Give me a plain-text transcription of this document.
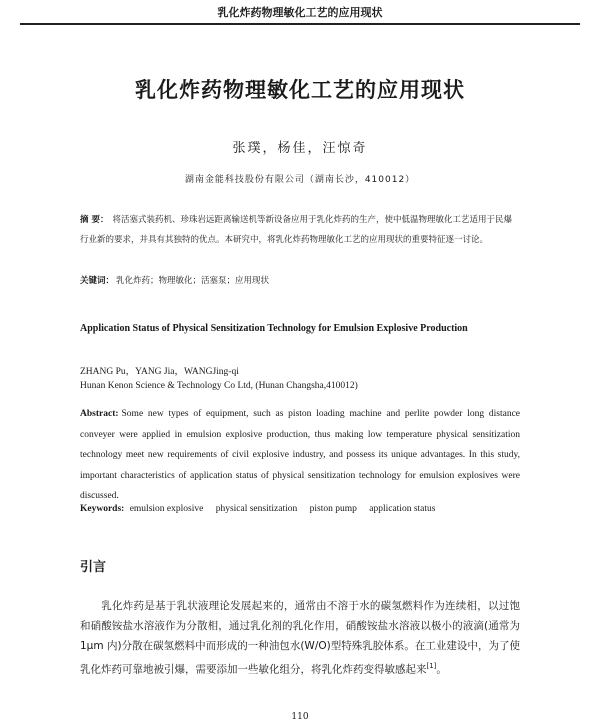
乳化炸药物理敏化工艺的应用现状
乳化炸药物理敏化工艺的应用现状
张璞，杨佳，汪惊奇
湖南金能科技股份有限公司（湖南长沙，410012）
摘 要： 将活塞式装药机、珍珠岩远距离输送机等新设备应用于乳化炸药的生产，使中低温物理敏化工艺适用于民爆行业新的要求，并具有其独特的优点。本研究中，将乳化炸药物理敏化工艺的应用现状的重要特征逐一讨论。
关键词： 乳化炸药；物理敏化；活塞泵；应用现状
Application Status of Physical Sensitization Technology for Emulsion Explosive Production
ZHANG Pu，YANG Jia，WANGJing-qi
Hunan Kenon Science & Technology Co Ltd, (Hunan Changsha,410012)
Abstract: Some new types of equipment, such as piston loading machine and perlite powder long distance conveyer were applied in emulsion explosive production, thus making low temperature physical sensitization technology meet new requirements of civil explosive industry, and possess its unique advantages. In this study, important characteristics of application status of physical sensitization technology for emulsion explosives were discussed.
Keywords: emulsion explosive physical sensitization piston pump application status
引言
乳化炸药是基于乳状液理论发展起来的，通常由不溶于水的碳氢燃料作为连续相，以过饱和硝酸铵盐水溶液作为分散相，通过乳化剂的乳化作用，硝酸铵盐水溶液以极小的液滴(通常为 1μm 内)分散在碳氢燃料中而形成的一种油包水(W/O)型特殊乳胶体系。在工业建设中，为了使乳化炸药可靠地被引爆，需要添加一些敏化组分，将乳化炸药变得敏感起来[1]。
110
